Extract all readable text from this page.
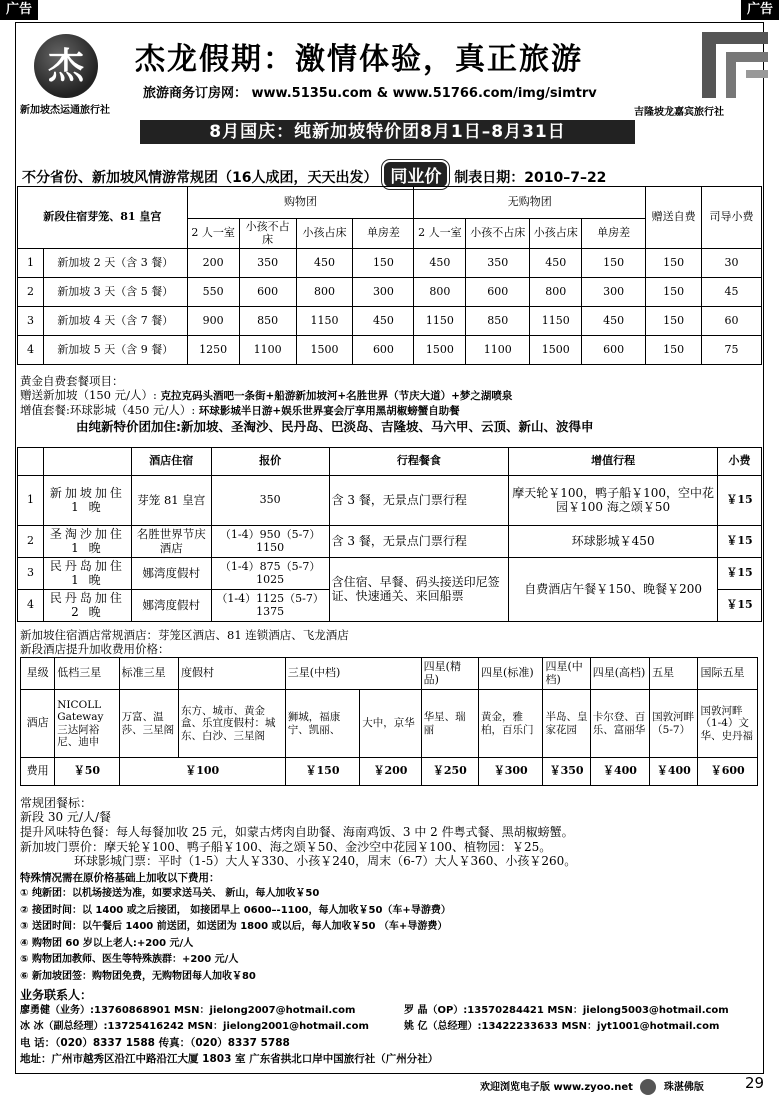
广告	广告
杰
新加坡杰运通旅行社
杰龙假期：激情体验，真正旅游
旅游商务订房网： www.5135u.com & www.51766.com/img/simtrv
吉隆坡龙嘉宾旅行社
8月国庆：纯新加坡特价团8月1日–8月31日
不分省份、新加坡风情游常规团（16人成团，天天出发） 同业价 制表日期：2010–7–22
新段住宿芽笼、81 皇宫		购物团				无购物团				赠送自费	司导小费
		2 人一室	小孩不占床	小孩占床	单房差	2 人一室	小孩不占床	小孩占床	单房差		
1	新加坡 2 天（含 3 餐）	200	350	450	150	450	350	450	150	150	30
2	新加坡 3 天（含 5 餐）	550	600	800	300	800	600	800	300	150	45
3	新加坡 4 天（含 7 餐）	900	850	1150	450	1150	850	1150	450	150	60
4	新加坡 5 天（含 9 餐）	1250	1100	1500	600	1500	1100	1500	600	150	75
黄金自费套餐项目：
赠送新加坡（150 元/人）: 克拉克码头酒吧一条街+船游新加坡河+名胜世界（节庆大道）+梦之湖喷泉
增值套餐:环球影城（450 元/人）: 环球影城半日游+娱乐世界宴会厅享用黑胡椒螃蟹自助餐
由纯新特价团加住:新加坡、圣淘沙、民丹岛、巴淡岛、吉隆坡、马六甲、云顶、新山、波得申
		酒店住宿	报价	行程餐食	增值行程	小费
1	新加坡加住 1 晚	芽笼 81 皇宫	350	含 3 餐，无景点门票行程	摩天轮￥100，鸭子船￥100，空中花园￥100 海之颂￥50	￥15
2	圣淘沙加住 1 晚	名胜世界节庆酒店	（1-4）950（5-7）1150	含 3 餐，无景点门票行程	环球影城￥450	￥15
3	民丹岛加住 1 晚	娜湾度假村	（1-4）875（5-7）1025	含住宿、早餐、码头接送印尼签证、快速通关、来回船票	自费酒店午餐￥150、晚餐￥200	￥15
4	民丹岛加住 2 晚	娜湾度假村	（1-4）1125（5-7）1375			￥15
新加坡住宿酒店常规酒店：芽笼区酒店、81 连锁酒店、飞龙酒店
新段酒店提升加收费用价格：
星级	低档三星	标准三星	度假村	三星(中档)		四星(精品)	四星(标准)	四星(中档)	四星(高档)	五星	国际五星
酒店	NICOLL Gateway 三达阿裕尼、迪申	万富、温莎、三星阁	东方、城市、黄金盒、乐宜度假村：城东、白沙、三星阁	狮城，福康宁、凯丽、	大中，京华	华星、瑞丽	黄金，雅柏，百乐门	半岛、皇家花园	卡尔登、百乐、富丽华	国敦河畔（5-7）	国敦河畔（1-4）文华、史丹福
费用	￥50	￥100		￥150	￥200	￥250	￥300	￥350	￥400	￥400	￥600
常规团餐标：
新段 30 元/人/餐
提升风味特色餐：每人每餐加收 25 元，如蒙古烤肉自助餐、海南鸡饭、3 中 2 件粤式餐、黑胡椒螃蟹。
新加坡门票价：摩天轮￥100、鸭子船￥100、海之颂￥50、金沙空中花园￥100、植物园：￥25。
环球影城门票：平时（1-5）大人￥330、小孩￥240，周末（6-7）大人￥360、小孩￥260。
特殊情况需在原价格基础上加收以下费用：
① 纯新团：以机场接送为准，如要求送马关、 新山，每人加收￥50
② 接团时间：以 1400 或之后接团， 如接团早上 0600–-1100，每人加收￥50（车+导游费）
③ 送团时间：以午餐后 1400 前送团，如送团为 1800 或以后，每人加收￥50 （车+导游费）
④ 购物团 60 岁以上老人:+200 元/人
⑤ 购物团加教师、医生等特殊族群：+200 元/人
⑥ 新加坡团签：购物团免费，无购物团每人加收￥80
业务联系人：
廖勇健（业务）:13760868901 MSN：jielong2007@hotmail.com	罗 晶（OP）:13570284421 MSN：jielong5003@hotmail.com
冰 冰（副总经理）:13725416242 MSN：jielong2001@hotmail.com	姚 亿（总经理）:13422233633 MSN：jyt1001@hotmail.com
电 话：（020）8337 1588 传真：（020）8337 5788
地址：广州市越秀区沿江中路沿江大厦 1803 室 广东省拱北口岸中国旅行社（广州分社）
欢迎浏览电子版 www.zyoo.net	珠湛佛版	29
